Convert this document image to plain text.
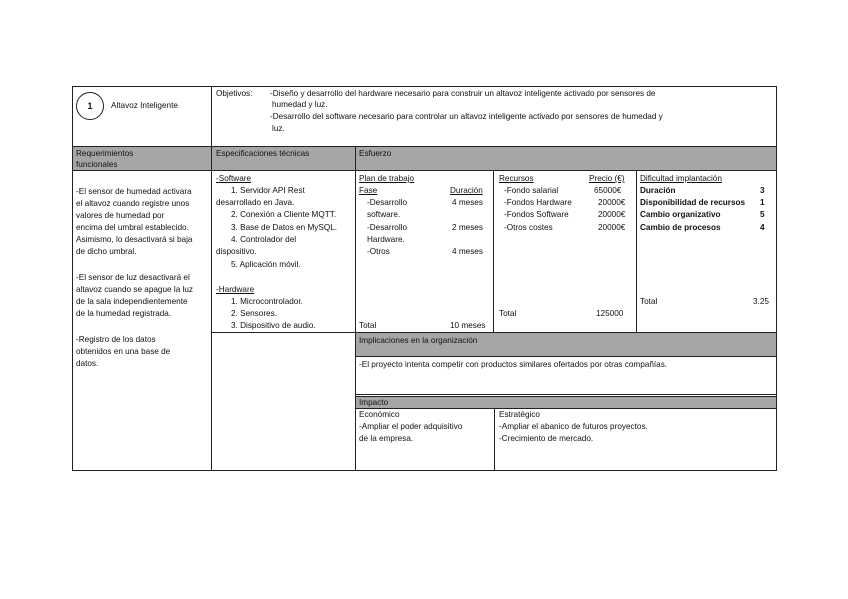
1	Altavoz Inteligente
Objetivos: -Diseño y desarrollo del hardware necesario para construir un altavoz inteligente activado por sensores de
humedad y luz.
-Desarrollo del software necesario para controlar un altavoz inteligente activado por sensores de humedad y
luz.
Requerimientos
funcionales
Especificaciones técnicas	Esfuerzo
-El sensor de humedad activara
el altavoz cuando registre unos
valores de humedad por
encima del umbral establecido.
Asimismo, lo desactivará si baja
de dicho umbral.
-El sensor de luz desactivará el
altavoz cuando se apague la luz
de la sala independientemente
de la humedad registrada.
-Registro de los datos
obtenidos en una base de
datos.
-Software
1. Servidor API Rest
desarrollado en Java.
2. Conexión a Cliente MQTT.
3. Base de Datos en MySQL.
4. Controlador del
dispositivo.
5. Aplicación móvil.
-Hardware
1. Microcontrolador.
2. Sensores.
3. Dispositivo de audio.
Plan de trabajo
Fase	Duración
-Desarrollo	4 meses
software.
-Desarrollo	2 meses
Hardware.
-Otros	4 meses
Total	10 meses
Recursos	Precio (€)
-Fondo salarial	65000€
-Fondos Hardware	20000€
-Fondos Software	20000€
-Otros costes	20000€
Total	125000
Dificultad implantación
Duración	3
Disponibilidad de recursos 1
Cambio organizativo	5
Cambio de procesos	4
Total	3.25
Implicaciones en la organización
-El proyecto intenta competir con productos similares ofertados por otras compañías.
Impacto
Económico
-Ampliar el poder adquisitivo
de la empresa.
Estratégico
-Ampliar el abanico de futuros proyectos.
-Crecimiento de mercado.
